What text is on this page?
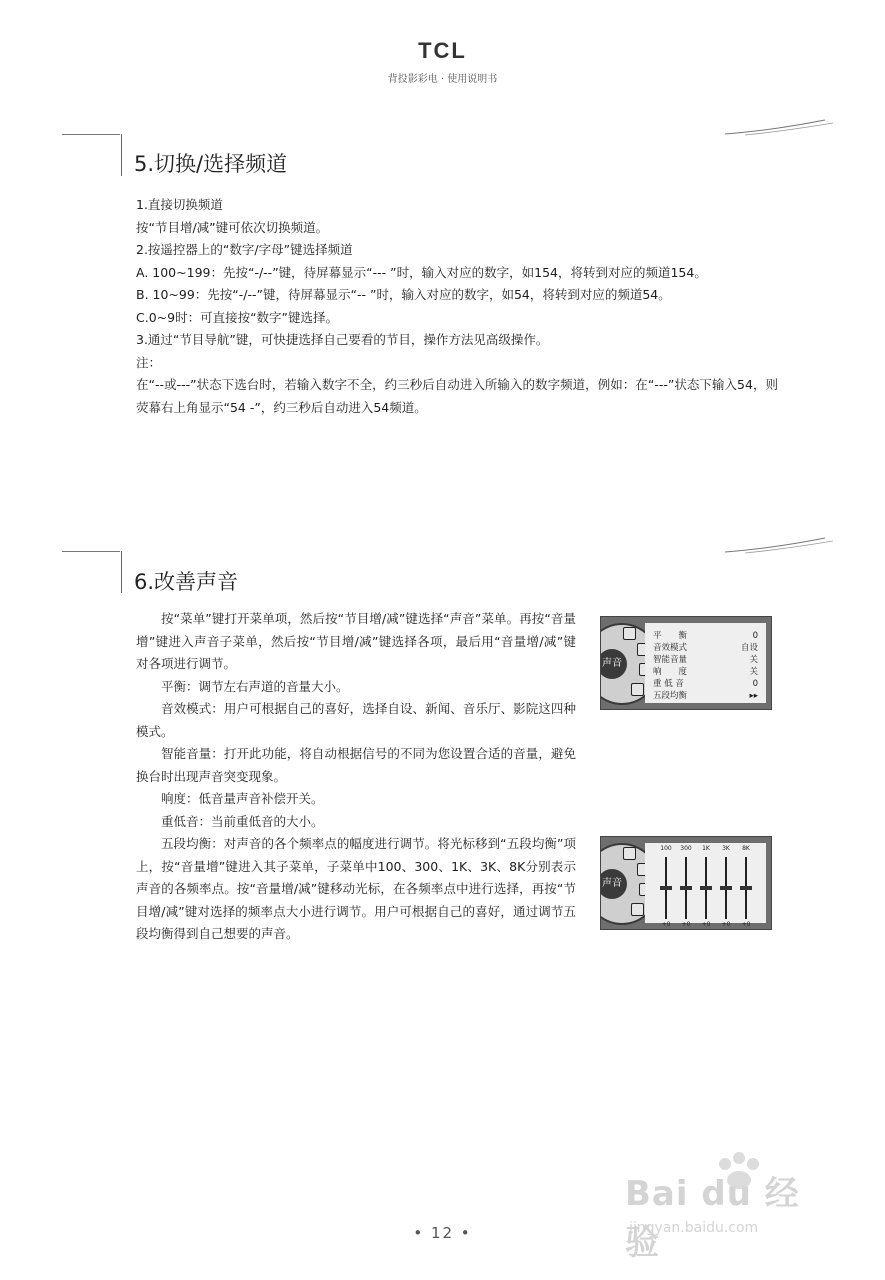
TCL
背投影彩电 · 使用说明书
5.切换/选择频道

1.直接切换频道

按“节目增/减”键可依次切换频道。

2.按遥控器上的“数字/字母”键选择频道

A. 100~199：先按“-/--”键，待屏幕显示“--- ”时，输入对应的数字，如154，将转到对应的频道154。

B. 10~99：先按“-/--”键，待屏幕显示“-- ”时，输入对应的数字，如54，将转到对应的频道54。

C.0~9时：可直接按“数字”键选择。

3.通过“节目导航”键，可快捷选择自己要看的节目，操作方法见高级操作。

注：

在“--或---”状态下选台时，若输入数字不全，约三秒后自动进入所输入的数字频道，例如：在“---”状态下输入54，则荧幕右上角显示“54 -”，约三秒后自动进入54频道。

6.改善声音

按“菜单”键打开菜单项，然后按“节目增/减”键选择“声音”菜单。再按“音量增”键进入声音子菜单，然后按“节目增/减”键选择各项，最后用“音量增/减”键对各项进行调节。

平衡：调节左右声道的音量大小。

音效模式：用户可根据自己的喜好，选择自设、新闻、音乐厅、影院这四种模式。

智能音量：打开此功能，将自动根据信号的不同为您设置合适的音量，避免换台时出现声音突变现象。

响度：低音量声音补偿开关。

重低音：当前重低音的大小。

五段均衡：对声音的各个频率点的幅度进行调节。将光标移到“五段均衡”项上，按“音量增”键进入其子菜单，子菜单中100、300、1K、3K、8K分别表示声音的各频率点。按“音量增/减”键移动光标，在各频率点中进行选择，再按“节目增/减”键对选择的频率点大小进行调节。用户可根据自己的喜好，通过调节五段均衡得到自己想要的声音。

声音
平　　衡	0
音效模式	自设
智能音量	关
响　　度	关
重 低 音	0
五段均衡	▸▸
声音
100
+0
300
+0
1K
+0
3K
+0
8K
+0
Bai du 经验
jingyan.baidu.com
• 12 •
